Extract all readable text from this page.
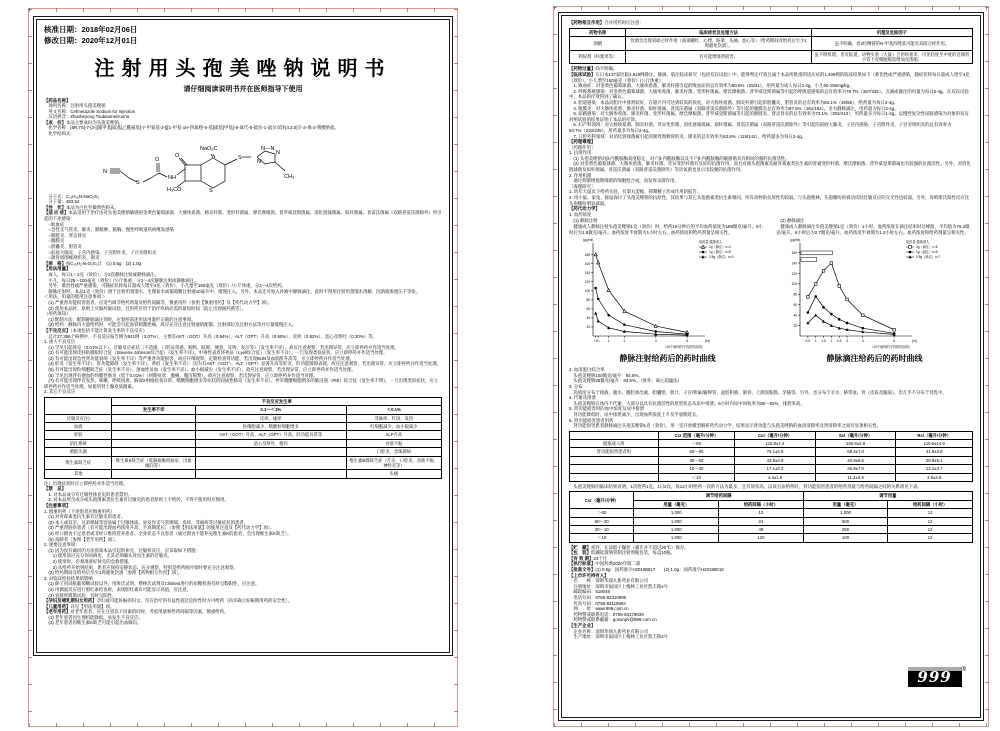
核准日期：2018年02月06日
修改日期：2020年12月01日
注射用头孢美唑钠说明书
请仔细阅读说明书并在医师指导下使用
【药品名称】
　通用名称：注射用头孢美唑钠
　英文名称：Cefmetazole Sodium for Injection
　汉语拼音：Zhusheyong Toubaomeizuona
【成　份】本品主要成份为头孢美唑钠。
　化学名称：[6R,7S]-7-[2-[[氰甲基]硫基]乙酰氨基]-7-甲氧基-3-[[[1-甲基-1H-四氮唑-5-基]硫基]甲基]-8-氧代-5-硫杂-1-氮杂双环[4.2.0]辛-2-烯-2-羧酸钠盐。
　化学结构式：
N
S
O
NH
O
H₃CO	S
NaO₂C
S
N—N
N
N
CH₃
　分子式：C₁₅H₁₆N₇NaO₅S₃
　分子量：493.52
【性　状】本品为白色至微黄色粉末。
【适 应 症】本品适用于治疗由对头孢美唑钠敏感的金黄色葡萄球菌、大肠埃希菌、肺炎杆菌、变形杆菌属、摩氏摩根菌、普罗威登斯菌属、消化链球菌属、拟杆菌属、普雷沃菌属（双路普雷沃菌除外）所引起的下述感染：
　○败血症
　○急性支气管炎、肺炎、肺脓肿、脓胸、慢性呼吸道疾病继发感染
　○膀胱炎、肾盂肾炎
　○腹膜炎
　○胆囊炎、胆管炎
　○前庭大腺炎、子宫内感染、子宫附件炎、子宫旁组织炎
　○颌骨周围蜂窝织炎、颌炎
【规　格】按C₁₅H₁₇N₇O₅S₃计　(1) 0.5g　(2) 1.0g
【用法用量】
　成人，每日1～2克（效价），分2次静脉注射或静脉滴注。
　小儿，每日25～100毫克（效价）/公斤体重，分2～4次静脉注射或静脉滴注。
　另外，难治性或严重感染，可随症状将每日量成人增至4克（效价）、小儿增至150毫克（效价）/公斤体重，分2～4次给药。
　静脉注射时，本品1克（效价）溶于注射用蒸馏水、生理盐水或葡萄糖注射液10毫升中，缓慢注入。另外，本品还可加入补液中静脉滴注，此时不得用注射用蒸馏水溶解，因溶液渗透压不等张。
＜用法、用量的使用注意事项＞
　(1) 严重肾功能损害患者，应适当调节给药剂量及给药间隔等，慎重用药（参照【慎重用药】及【药代动力学】项）。
　(2) 使用本品时，原则上应做药敏试验，且用药应用于治疗疾病必需的最短时间［防止出现耐药菌等］。
（用药须知）
　(1) 配制方法：配制静脉滴注剂时，应参照前述用法用量栏记载的注意事项。
　(2) 给药：静脉内大量给药时，可能会引起血管刺激性痛，故应充分注意注射液的配制、注射部位及注射方法等并尽量缓慢注入。
【不良反应】（本项包括不能计算发生率的不良反应）
　总计27,356个病例中，不良反应报告例为841例（3.07%），主要有AST（GOT）升高（0.94%）、ALT（GPT）升高（0.90%）、皮疹（0.82%）、恶心及呕吐（0.20%）等。
1. 重大不良反应
　(1) 罕见引起休克（0.01%以下）、过敏反应症状（不适感、口腔异常感、喘鸣、眩晕、便意、耳鸣、发汗等）（发生率不详）。故应注意观察，若出现异常，应立即停药并作适当处理。
　(2) 有可能出现皮肤粘膜眼综合征（Stevens-Johnson综合征）（发生率不详）、中毒性表皮坏死症（Lyell综合征）（发生率不详）。一旦发现类似症状，应立即停药并作适当处理。
　(3) 有可能出现急性肾功能衰竭（发生率不详）等严重肾功能损害，故应仔细观察，定期检查肾功能，若出现BUN及血肌酐升高等，应立即停药并作适当处理。
　(4) 肝炎（发生率不详）、肝功能障碍（发生率不详）、黄疸（发生率不详）：因为有AST（GOT）、ALT（GPT）显著升高等肝炎、肝功能障碍表现，故应注意观察，若出现异常，应立即停药并作适当处理。
　(5) 有可能出现粒细胞缺乏症（发生率不详）、溶血性贫血（发生率不详）、血小板减少（发生率不详），故应注意观察，若出现异常，应立即停药并作适当处理。
　(6) 罕见出现伴有便血的伪膜性肠炎（低于0.01%）（初期症状：腹痛、腹泻频繁）。故应注意观察，若出现异常，应立即停药并作适当处理。
　(7) 有可能出现伴有发热、咳嗽、呼吸困难、胸部X射线检查异常、嗜酸细胞增多等症状的间质性肺炎（发生率不详）、伴有嗜酸细胞增多的肺浸润（PIE）综合征（发生率不明）。一旦出现类似症状，应立即停药并作适当处理，如使用肾上腺皮质激素。
2. 其它不良反应
	不良反应发生率		
	发生率不详	0.1～＜1%	＜0.1%
过敏反应注)		皮疹、瘙痒	荨麻疹、红斑、发热
血液		粒细胞减少、嗜酸粒细胞增多	红细胞减少、血小板减少
肝脏		AST（GOT）升高、ALT（GPT）升高、肝功能异常等	ALP升高
消化系统		恶心及呕吐、腹泻	食欲不振
菌群失调			口腔炎、念珠菌病
维生素缺乏症	维生素K缺乏症（低凝血酶原血症、出血倾向等）		维生素B群缺乏症（舌炎、口腔炎、食欲不振、神经炎等）
其他			头痛
注）出现症状时应立即停药并作适当处理。
【禁　忌】
　1. 对本品成分有过敏性休克史的患者禁用。
　2. 对本品所含成分或头孢菌素类抗生素有过敏史的患者原则上不给药，不得不使用时应慎用。
【注意事项】
1. 慎重用药（下述患者应慎重用药）
　(1) 对青霉素类抗生素有过敏史的患者。
　(2) 本人或双亲、兄弟姐妹等容易属于过敏体质，易发作支气管哮喘、皮疹、荨麻疹等过敏症状的患者。
　(3) 严重肾脏疾患者［有可能出现血药浓度升高、半衰期延长］（参照【用法用量】的使用注意及【药代动力学】项）。
　(4) 经口摄食不足患者或非经口维持营养患者、全身状态不良患者（通过摄食不能补充维生素K的患者，会出现维生素K缺乏）。
　(5) 高龄者［参照【老年用药】项］。
2. 重要注意事项：
　(1) 因为没有确切的方法预知本品引起的休克、过敏样反应，应采取如下措施：
　　1) 使用前应充分询问病史，尤其必须确认对抗生素的过敏史。
　　2) 使用时，必须准备好休克的急救措施。
　　3) 从给药开始到结束，患者应保持安静状态，充分观察，特别是给药刚开始时要充分注意观察。
　(2) 给药期间及给药后至少1周避免饮酒［参照【药物相互作用】项］。
3. 对临床检验结果的影响
　(1) 除了用试纸葡萄糖试验以外，用班氏试剂、费林氏试剂及Clinitest进行的尿糖检查有时呈假阳性，应注意。
　(2) 用偶氮反应进行胆红素检查时，表现胆红素有可能显示高值，应注意。
　(3) 直接库姆斯试验，有时呈阳性。
【孕妇及哺乳期妇女用药】孕妇或可能妊娠的妇女，仅在治疗的有益性超过危险性时方可给药［尚未确立妊娠期用药的安全性］。
【儿童用药】详见【用法用量】项。
【老年用药】对老年患者，应在注意以下因素的同时，考虑用量和给药间隔等因素，慎重给药。
　(1) 老年患者因生理机能降低，易发生不良反应。
　(2) 老年患者因维生素K缺乏可能引起出血倾向。
【药物相互作用】合并用药时应注意：
药物名称	临床症状及处理方法	机理及危险因子
酒精	饮酒会出现双硫仑样作用（面部潮红、心悸、眩晕、头痛、恶心等）［给药期间及给药后至少1周避免饮酒］。	虽不明确，但3位侧链的N-甲基四唑基可能有双硫仑样作用。
利尿剂（呋塞米等）	有可能增强肾损害。	虽不明机理，但有报道，动物实验（大鼠）合用呋塞米，可见轻度至中度的近端肾小管上皮细胞脱落增加及浓缩。
【药物过量】尚不明确。
【临床试验】在日本137家医院2,819例静注、静滴、肌注临床研究（包括双盲试验）中，能够判定疗效且属于本品所批准的适应症的1,409例的临床结果如下（难治性或严重感染，随症状将每日量成人增至4克（效价）、小儿增至150毫克（效价）/公斤体重）：
　1. 败血症：对金黄色葡萄球菌、大肠埃希菌、肺炎杆菌引起的败血症的总有效率为80.6%（25/31），用药量为成人每日2-4g，小儿50-150mg/kg。
　2. 呼吸系统感染：对金黄色葡萄球菌、大肠埃希菌、肺炎杆菌、变形杆菌属、摩氏摩根菌、普罗威登斯菌属等引起的呼吸道感染的总有效率为79.7%（267/335）。点滴或静注的用量为每日2-4g。在双盲试验中，本品的疗效得到了确认。
　3. 胆道感染：本品向胆汁中排泄较好，在胆汁内可达到较高的浓度。对大肠埃希菌、肺炎杆菌引起的胆囊炎、胆管炎的总有效率为83.1%（49/59），给药量为每日2-4g。
　4. 腹膜炎：对大肠埃希菌、肺炎杆菌、拟杆菌属、普雷沃菌属（双路普雷沃菌除外）等引起的腹膜炎总有效率为87.5%（161/184）。多为静脉滴注，用药量为每日2-4g。
　5. 尿路感染：对大肠埃希菌、肺炎杆菌、变形杆菌属、摩氏摩根菌、普罗威登斯菌属等引起的膀胱炎、肾盂肾炎的总有效率为73.1%（302/413），用药量多为每日1-2g。以慢性复杂性尿路感染为对象的双盲对照试验的结果证明了本品的疗效。
　6. 妇产科领域：对大肠埃希菌、肺炎杆菌、奇异变形菌、消化链球菌属、拟杆菌属、普雷沃菌属（双路普雷沃菌除外）等引起的前庭大腺炎、子宫内感染、子宫附件炎、子宫旁组织炎的总有效率为94.7%（232/245），用药量多为每日2-4g。
　7. 口腔外科领域：对消化链球菌属引起的颌周围蜂窝织炎、颌炎的总有效率为83.8%（119/142）。给药量多为每日2-4g。
【药理毒理】
［药理作用］
1. 抗菌作用
　(1) 头孢美唑钠对β-内酰胺酶高度稳定，对产β-内酰胺酶以及不产β-内酰胺酶的敏感菌具有相同的强的抗菌活性。
　(2) 对金黄色葡萄球菌、大肠埃希菌、肺炎杆菌、奇异变形杆菌有良好的抗菌作用，而且对耐头孢菌素及耐青霉素类抗生素的普通变形杆菌、摩氏摩根菌、普罗威登斯菌属也有较强的抗菌活性。另外，对消化链球菌及拟杆菌属、普雷沃菌属（双路普雷沃菌除外）等厌氧菌也显示出较强的抗菌作用。
2. 作用机理
　通过抑制增殖期细菌的细胞壁合成，而发挥杀菌作用。
［毒理研究］
1. 幼年大鼠皮下给药实验，有睾丸萎缩、抑制精子形成作用的报告。
2. 用小鼠、家兔、豚鼠探讨了头孢美唑钠的抗原性，其结果与其它头孢菌素类抗生素相同，所有动物的抗原性均较弱。与头孢唑林、头孢噻吩的被动皮肤过敏反应的交叉性也较弱。另外，库姆斯氏阳性反应比头孢噻吩明显减弱。
【药代动力学】
1. 血药浓度
　(1) 静脉注射
　健康成人静脉注射头孢美唑钠1克（效价）时，给药10分钟后的平均血药浓度为188微克/毫升。6小时后为1.9微克/毫升。血药浓度半衰期为1小时左右。血药浓度和给药剂量呈相关性。
20
40
60
80
100
120
140
160
180
(μg/ml)
⅙ ⅓ 1	2	4	6	(hr)
给药量 健康成人
2g（静注）n=4
1g（静注）n=9
0.5g（静注）n=3
（10个病例的平均药时曲线）
静脉注射给药后的药时曲线
　(2) 静脉滴注
　健康成人静脉滴注头孢美唑钠1克（效价）1小时，血药浓度在滴注结束时达峰值，平均值为76.2微克/毫升。6小时后为2.7微克/毫升。血药浓度半衰期为1.2小时左右。血药浓度和给药剂量呈相关性。
20
40
60
80
100
120
140
160
(μg/ml)
0.5 1 1.5 2 2.5 3	4	6	(hr)
给药量 健康成人
2g（滴注）n=6
1g（滴注）n=6
0.5g（滴注）n=7
（10个病例的平均药时曲线）
静脉滴注给药后的药时曲线
2. 血清蛋白结合率
　头孢美唑钠100微克/毫升：84.8%。
　头孢美唑钠25微克/毫升：83.6%。（体外，离心超滤法）
3. 分布
　高浓度分布于痰液、腹水、腹腔渗出液、胆囊壁、胆汁、子宫/卵巢/输卵管、盆腔积液、颌骨、上颌窦粘膜、牙龈等。另外，也分布于羊水、脐带血、骨（皮质及髓质），但几乎不分布于母乳中。
4. 代谢及排泄
　头孢美唑钠在体内不代谢，大部分以具有抗菌活性的原型状态从尿中排泄。6小时内尿中回收率为85～92%，排泄率高。
5. 肾功能损害时的血中浓度及尿中排泄
　肾功能降低时，尿中排泄减少，出现血药浓度上升及半衰期延长。
6. 肾功能损害患者用药
　肾功能损害患者静脉滴注头孢美唑钠1克（效价），用一室开放模型解析药代动力学，结果显示肾功能与头孢美唑钠的血清清除率及肾清除率之间有显著相关性。
	Ccr 范围（毫升/分钟）	Ccr（毫升/分钟）	Scl（毫升/分钟）	Rcl（毫升/分钟）
健康成人组	＞90	115.8±7.4	160.8±2.9	110.6±14.9
肾功能损害患者组	60～90	76.1±2.8	69.4±7.0	41.9±3.8
	30～60	43.8±4.9	40.9±8.6	29.9±5.1
	10～30	17.1±2.3	26.9±7.0	12.1±3.7
	＜10	4.4±1.9	11.2±3.9	3.9±2.8
　头孢美唑钠的临床结果表明，1次给药1克，1日2次，每12小时给药一次的方法为最多，且有效率高。以该方法给药时，肾功能损害患者的给药剂量与给药间隔之间的关系请见下表。
Ccr（毫升/分钟）	调节给药间隔		调节用量	
	用量（毫克）	给药间隔（小时）	用量（毫克）	给药间隔（小时）
＞60	1,000	12	1,000	12
60～30	1,000	24	500	12
30～10	1,000	48	250	12
＜10	1,000	120	100	12
【贮　藏】密封，在凉暗干燥处（避光并不超过20℃）保存。
【包　装】低硼硅玻璃管制注射剂瓶包装，每盒10瓶。
【有 效 期】24个月
【执行标准】中国药典2020年版二部
【批准文号】(1) 0.5g：国药准字H20188017　　(2) 1.0g：国药准字H20188018
【上市许可持有人】
　名　　称：深圳华润九新药业有限公司
　注册地址：深圳市福田区上梅林工业区凯丰路2号
　邮政编码：518049
　电话号码：0755-83310999
　传真号码：0755-83119694
　网　　址：www.999.com.cn
　药物警戒联系电话：0755-83179039
　药物警戒联系邮箱：gosunpv@999.com.cn
【生产企业】
　企业名称：深圳华润九新药业有限公司
　生产地址：深圳市福田区上梅林工业区凯丰路2号
999 ®
